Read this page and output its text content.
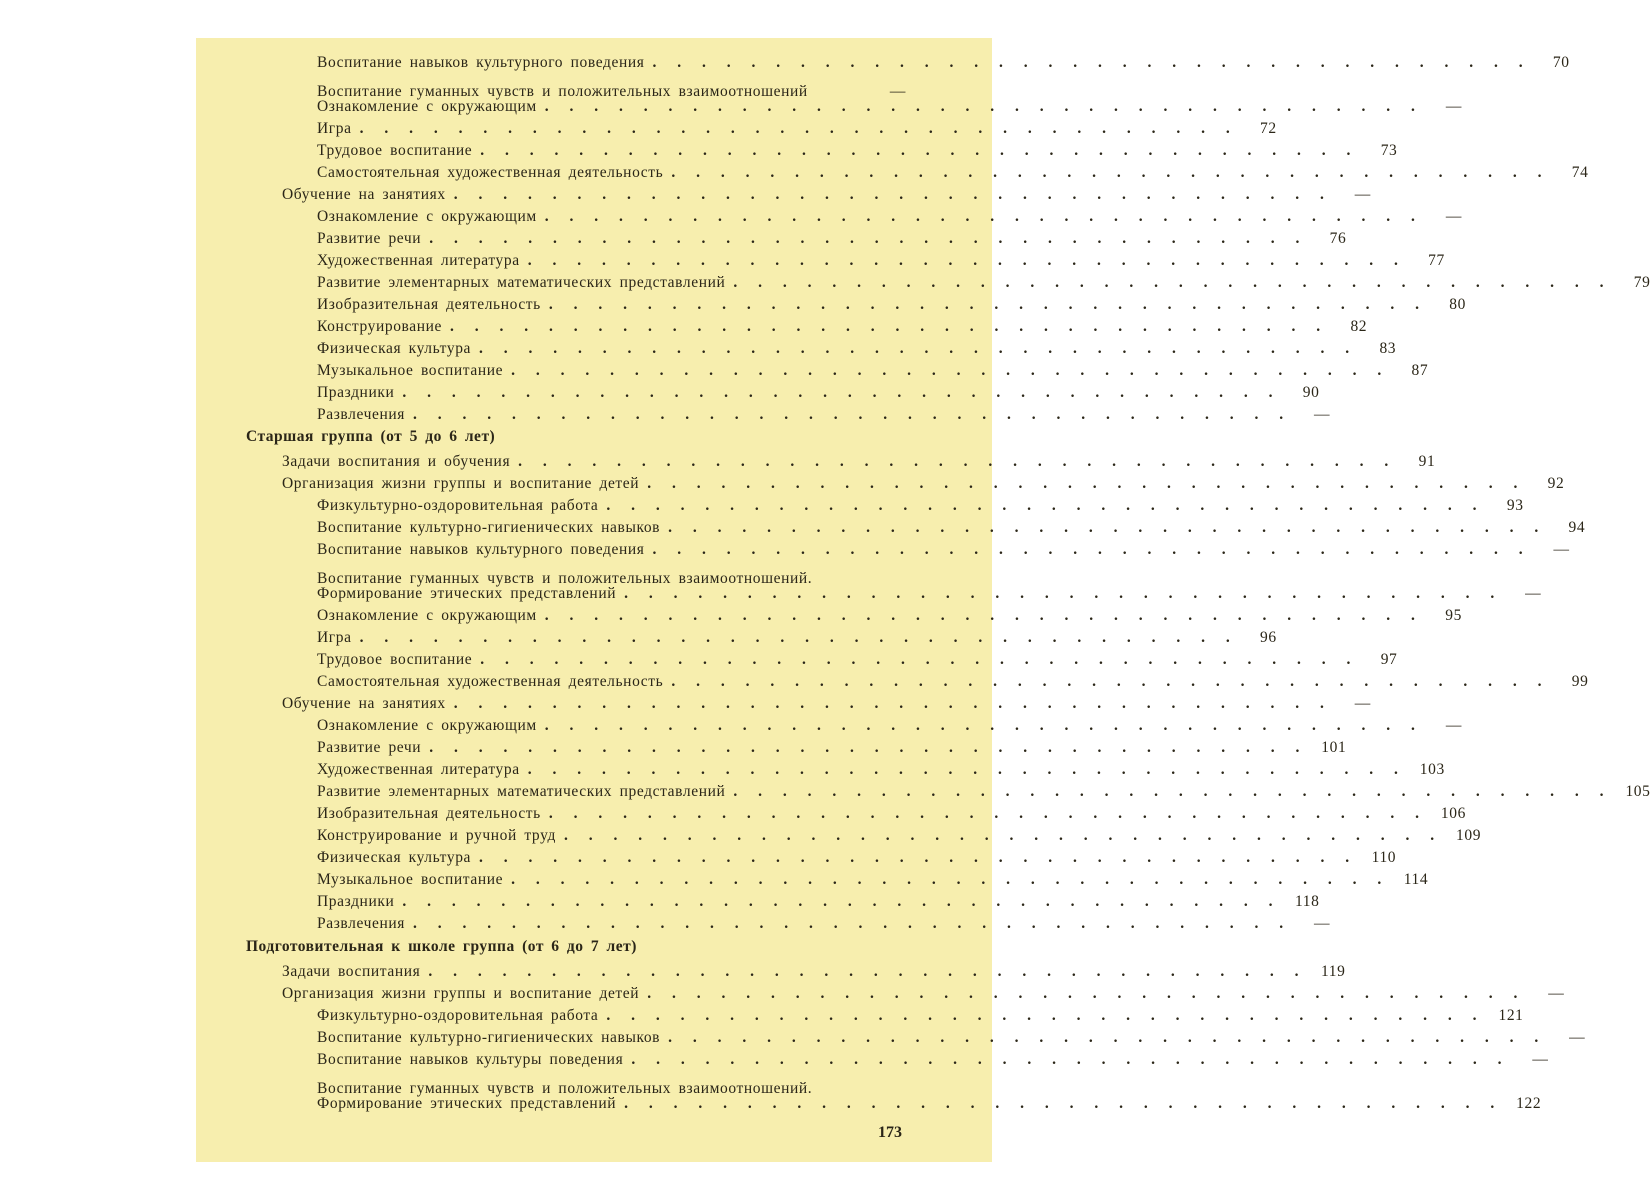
Воспитание навыков культурного поведения . . . . . . . . . . . . . . . . . . . . . . . . . . . . . . . . . . . .	70
Воспитание гуманных чувств и положительных взаимоотношений	—
Ознакомление с окружающим . . . . . . . . . . . . . . . . . . . . . . . . . . . . . . . . . . . .	—
Игра . . . . . . . . . . . . . . . . . . . . . . . . . . . . . . . . . . . .	72
Трудовое воспитание . . . . . . . . . . . . . . . . . . . . . . . . . . . . . . . . . . . .	73
Самостоятельная художественная деятельность . . . . . . . . . . . . . . . . . . . . . . . . . . . . . . . . . . . .	74
Обучение на занятиях . . . . . . . . . . . . . . . . . . . . . . . . . . . . . . . . . . . .	—
Ознакомление с окружающим . . . . . . . . . . . . . . . . . . . . . . . . . . . . . . . . . . . .	—
Развитие речи . . . . . . . . . . . . . . . . . . . . . . . . . . . . . . . . . . . .	76
Художественная литература . . . . . . . . . . . . . . . . . . . . . . . . . . . . . . . . . . . .	77
Развитие элементарных математических представлений . . . . . . . . . . . . . . . . . . . . . . . . . . . . . . . . . . . .	79
Изобразительная деятельность . . . . . . . . . . . . . . . . . . . . . . . . . . . . . . . . . . . .	80
Конструирование . . . . . . . . . . . . . . . . . . . . . . . . . . . . . . . . . . . .	82
Физическая культура . . . . . . . . . . . . . . . . . . . . . . . . . . . . . . . . . . . .	83
Музыкальное воспитание . . . . . . . . . . . . . . . . . . . . . . . . . . . . . . . . . . . .	87
Праздники . . . . . . . . . . . . . . . . . . . . . . . . . . . . . . . . . . . .	90
Развлечения . . . . . . . . . . . . . . . . . . . . . . . . . . . . . . . . . . . .	—
Старшая группа (от 5 до 6 лет)
Задачи воспитания и обучения . . . . . . . . . . . . . . . . . . . . . . . . . . . . . . . . . . . .	91
Организация жизни группы и воспитание детей . . . . . . . . . . . . . . . . . . . . . . . . . . . . . . . . . . . .	92
Физкультурно-оздоровительная работа . . . . . . . . . . . . . . . . . . . . . . . . . . . . . . . . . . . .	93
Воспитание культурно-гигиенических навыков . . . . . . . . . . . . . . . . . . . . . . . . . . . . . . . . . . . .	94
Воспитание навыков культурного поведения . . . . . . . . . . . . . . . . . . . . . . . . . . . . . . . . . . . .	—
Воспитание гуманных чувств и положительных взаимоотношений.
Формирование этических представлений . . . . . . . . . . . . . . . . . . . . . . . . . . . . . . . . . . . .	—
Ознакомление с окружающим . . . . . . . . . . . . . . . . . . . . . . . . . . . . . . . . . . . .	95
Игра . . . . . . . . . . . . . . . . . . . . . . . . . . . . . . . . . . . .	96
Трудовое воспитание . . . . . . . . . . . . . . . . . . . . . . . . . . . . . . . . . . . .	97
Самостоятельная художественная деятельность . . . . . . . . . . . . . . . . . . . . . . . . . . . . . . . . . . . .	99
Обучение на занятиях . . . . . . . . . . . . . . . . . . . . . . . . . . . . . . . . . . . .	—
Ознакомление с окружающим . . . . . . . . . . . . . . . . . . . . . . . . . . . . . . . . . . . .	—
Развитие речи . . . . . . . . . . . . . . . . . . . . . . . . . . . . . . . . . . . . 101
Художественная литература . . . . . . . . . . . . . . . . . . . . . . . . . . . . . . . . . . . . 103
Развитие элементарных математических представлений . . . . . . . . . . . . . . . . . . . . . . . . . . . . . . . . . . . . 105
Изобразительная деятельность . . . . . . . . . . . . . . . . . . . . . . . . . . . . . . . . . . . . 106
Конструирование и ручной труд . . . . . . . . . . . . . . . . . . . . . . . . . . . . . . . . . . . . 109
Физическая культура . . . . . . . . . . . . . . . . . . . . . . . . . . . . . . . . . . . .	110
Музыкальное воспитание . . . . . . . . . . . . . . . . . . . . . . . . . . . . . . . . . . . .	114
Праздники . . . . . . . . . . . . . . . . . . . . . . . . . . . . . . . . . . . .	118
Развлечения . . . . . . . . . . . . . . . . . . . . . . . . . . . . . . . . . . . .	—
Подготовительная к школе группа (от 6 до 7 лет)
Задачи воспитания . . . . . . . . . . . . . . . . . . . . . . . . . . . . . . . . . . . .	119
Организация жизни группы и воспитание детей . . . . . . . . . . . . . . . . . . . . . . . . . . . . . . . . . . . .	—
Физкультурно-оздоровительная работа . . . . . . . . . . . . . . . . . . . . . . . . . . . . . . . . . . . . 121
Воспитание культурно-гигиенических навыков . . . . . . . . . . . . . . . . . . . . . . . . . . . . . . . . . . . .	—
Воспитание навыков культуры поведения . . . . . . . . . . . . . . . . . . . . . . . . . . . . . . . . . . . .	—
Воспитание гуманных чувств и положительных взаимоотношений.
Формирование этических представлений . . . . . . . . . . . . . . . . . . . . . . . . . . . . . . . . . . . . 122
173
